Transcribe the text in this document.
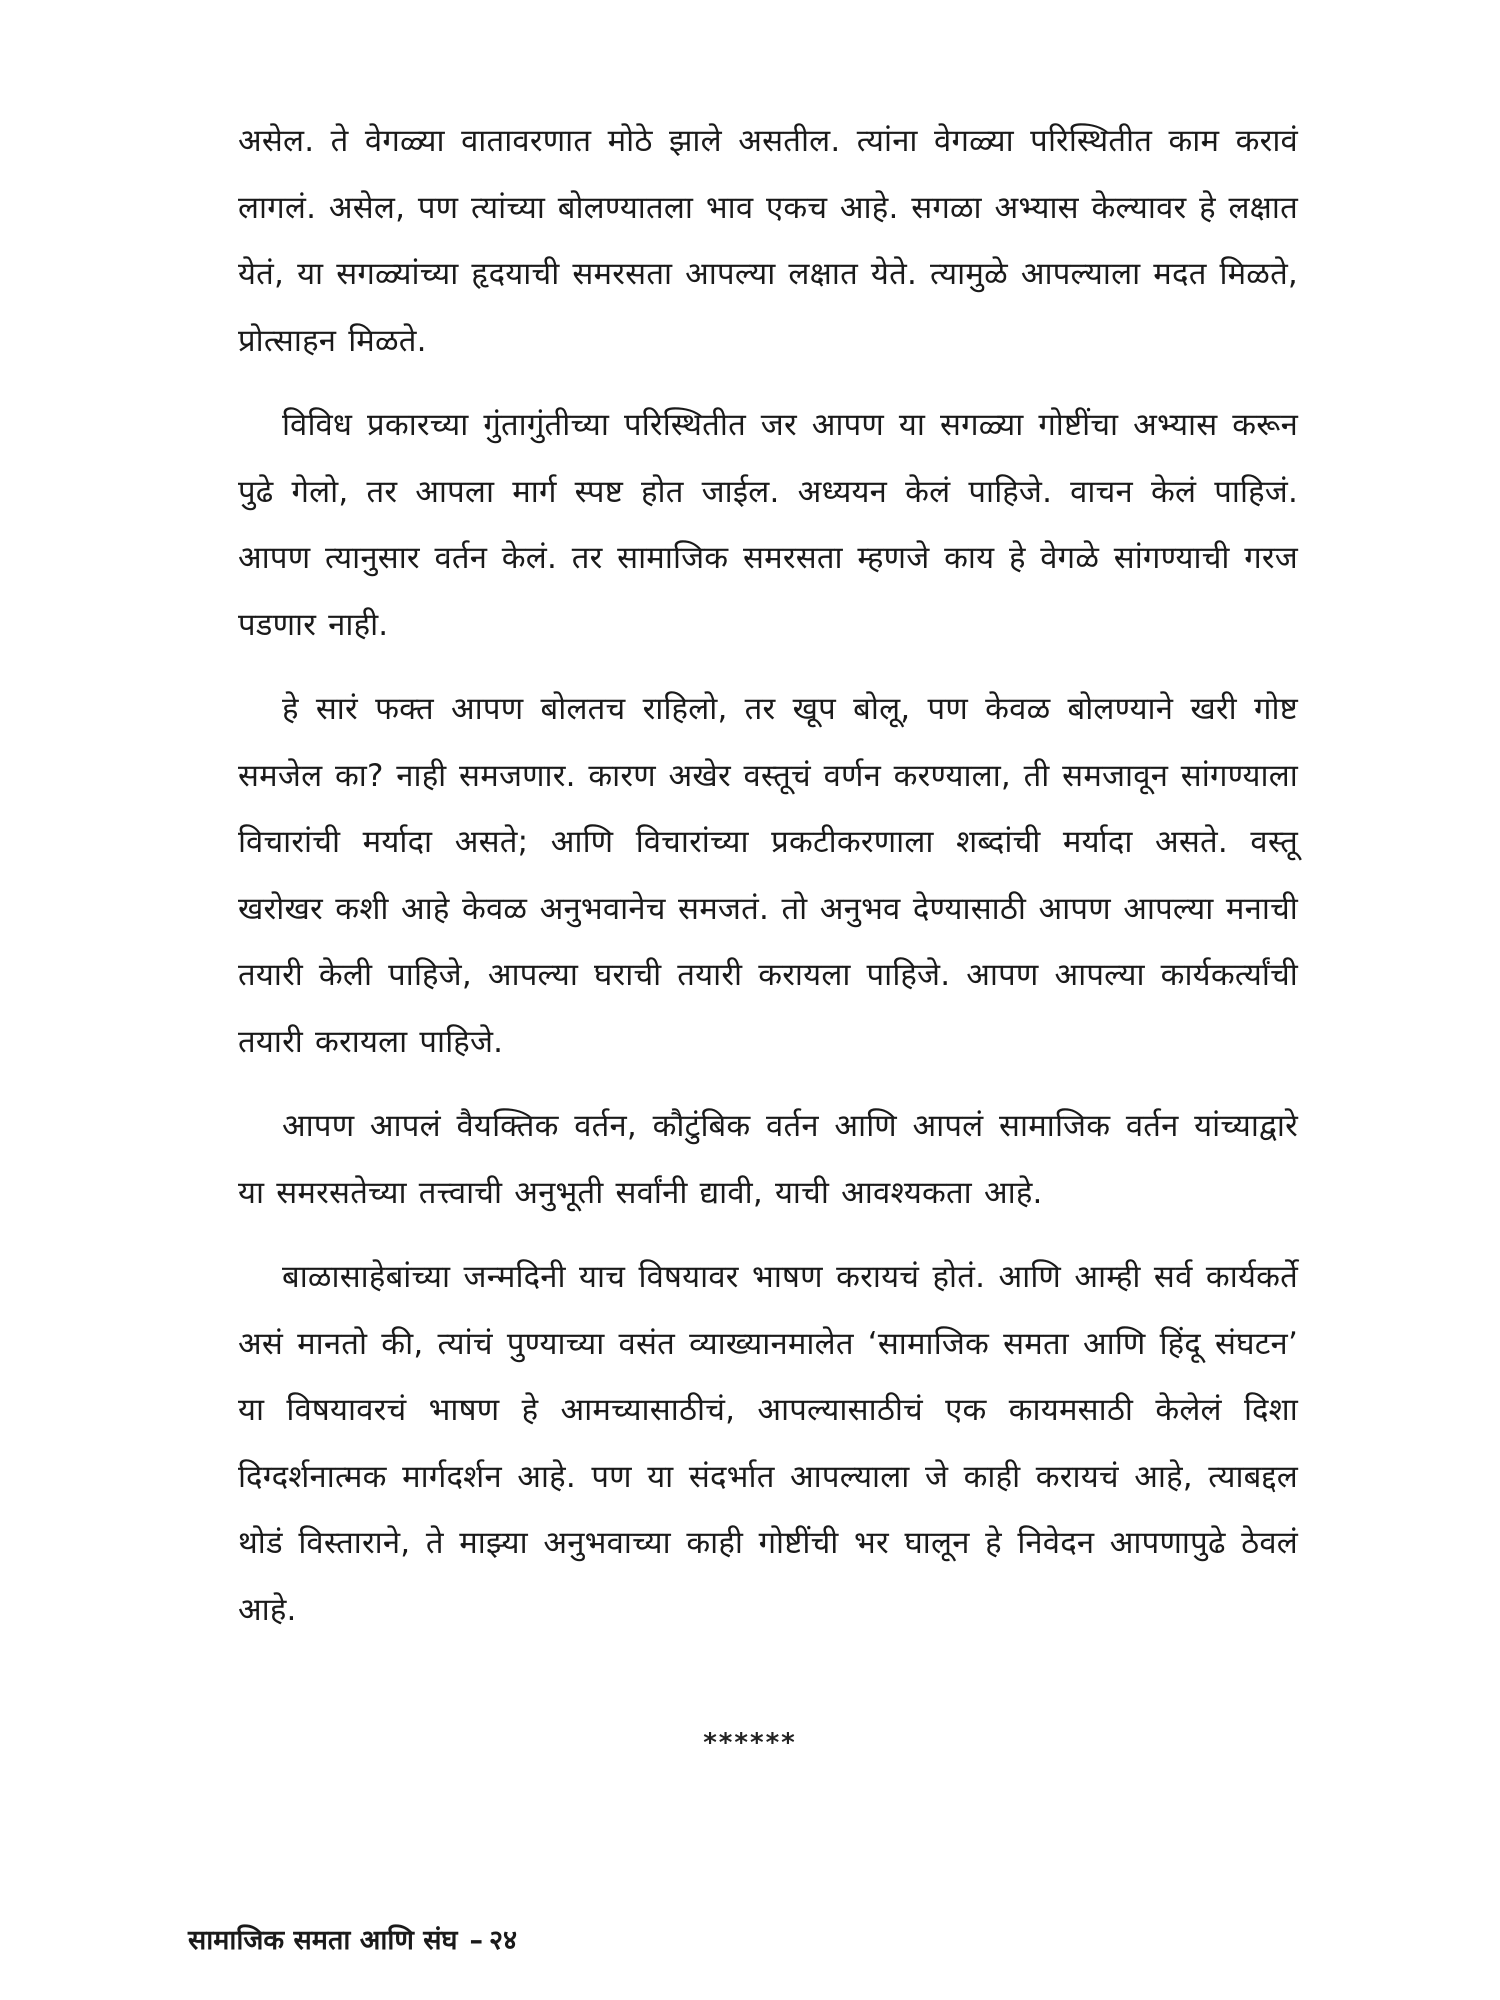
असेल. ते वेगळ्या वातावरणात मोठे झाले असतील. त्यांना वेगळ्या परिस्थितीत काम करावं लागलं. असेल, पण त्यांच्या बोलण्यातला भाव एकच आहे. सगळा अभ्यास केल्यावर हे लक्षात येतं, या सगळ्यांच्या हृदयाची समरसता आपल्या लक्षात येते. त्यामुळे आपल्याला मदत मिळते, प्रोत्साहन मिळते.

विविध प्रकारच्या गुंतागुंतीच्या परिस्थितीत जर आपण या सगळ्या गोष्टींचा अभ्यास करून पुढे गेलो, तर आपला मार्ग स्पष्ट होत जाईल. अध्ययन केलं पाहिजे. वाचन केलं पाहिजं. आपण त्यानुसार वर्तन केलं. तर सामाजिक समरसता म्हणजे काय हे वेगळे सांगण्याची गरज पडणार नाही.

हे सारं फक्त आपण बोलतच राहिलो, तर खूप बोलू, पण केवळ बोलण्याने खरी गोष्ट समजेल का? नाही समजणार. कारण अखेर वस्तूचं वर्णन करण्याला, ती समजावून सांगण्याला विचारांची मर्यादा असते; आणि विचारांच्या प्रकटीकरणाला शब्दांची मर्यादा असते. वस्तू खरोखर कशी आहे केवळ अनुभवानेच समजतं. तो अनुभव देण्यासाठी आपण आपल्या मनाची तयारी केली पाहिजे, आपल्या घराची तयारी करायला पाहिजे. आपण आपल्या कार्यकर्त्यांची तयारी करायला पाहिजे.

आपण आपलं वैयक्तिक वर्तन, कौटुंबिक वर्तन आणि आपलं सामाजिक वर्तन यांच्याद्वारे या समरसतेच्या तत्त्वाची अनुभूती सर्वांनी द्यावी, याची आवश्यकता आहे.

बाळासाहेबांच्या जन्मदिनी याच विषयावर भाषण करायचं होतं. आणि आम्ही सर्व कार्यकर्ते असं मानतो की, त्यांचं पुण्याच्या वसंत व्याख्यानमालेत ‘सामाजिक समता आणि हिंदू संघटन’ या विषयावरचं भाषण हे आमच्यासाठीचं, आपल्यासाठीचं एक कायमसाठी केलेलं दिशा दिग्दर्शनात्मक मार्गदर्शन आहे. पण या संदर्भात आपल्याला जे काही करायचं आहे, त्याबद्दल थोडं विस्ताराने, ते माझ्या अनुभवाच्या काही गोष्टींची भर घालून हे निवेदन आपणापुढे ठेवलं आहे.

******
सामाजिक समता आणि संघ – २४
